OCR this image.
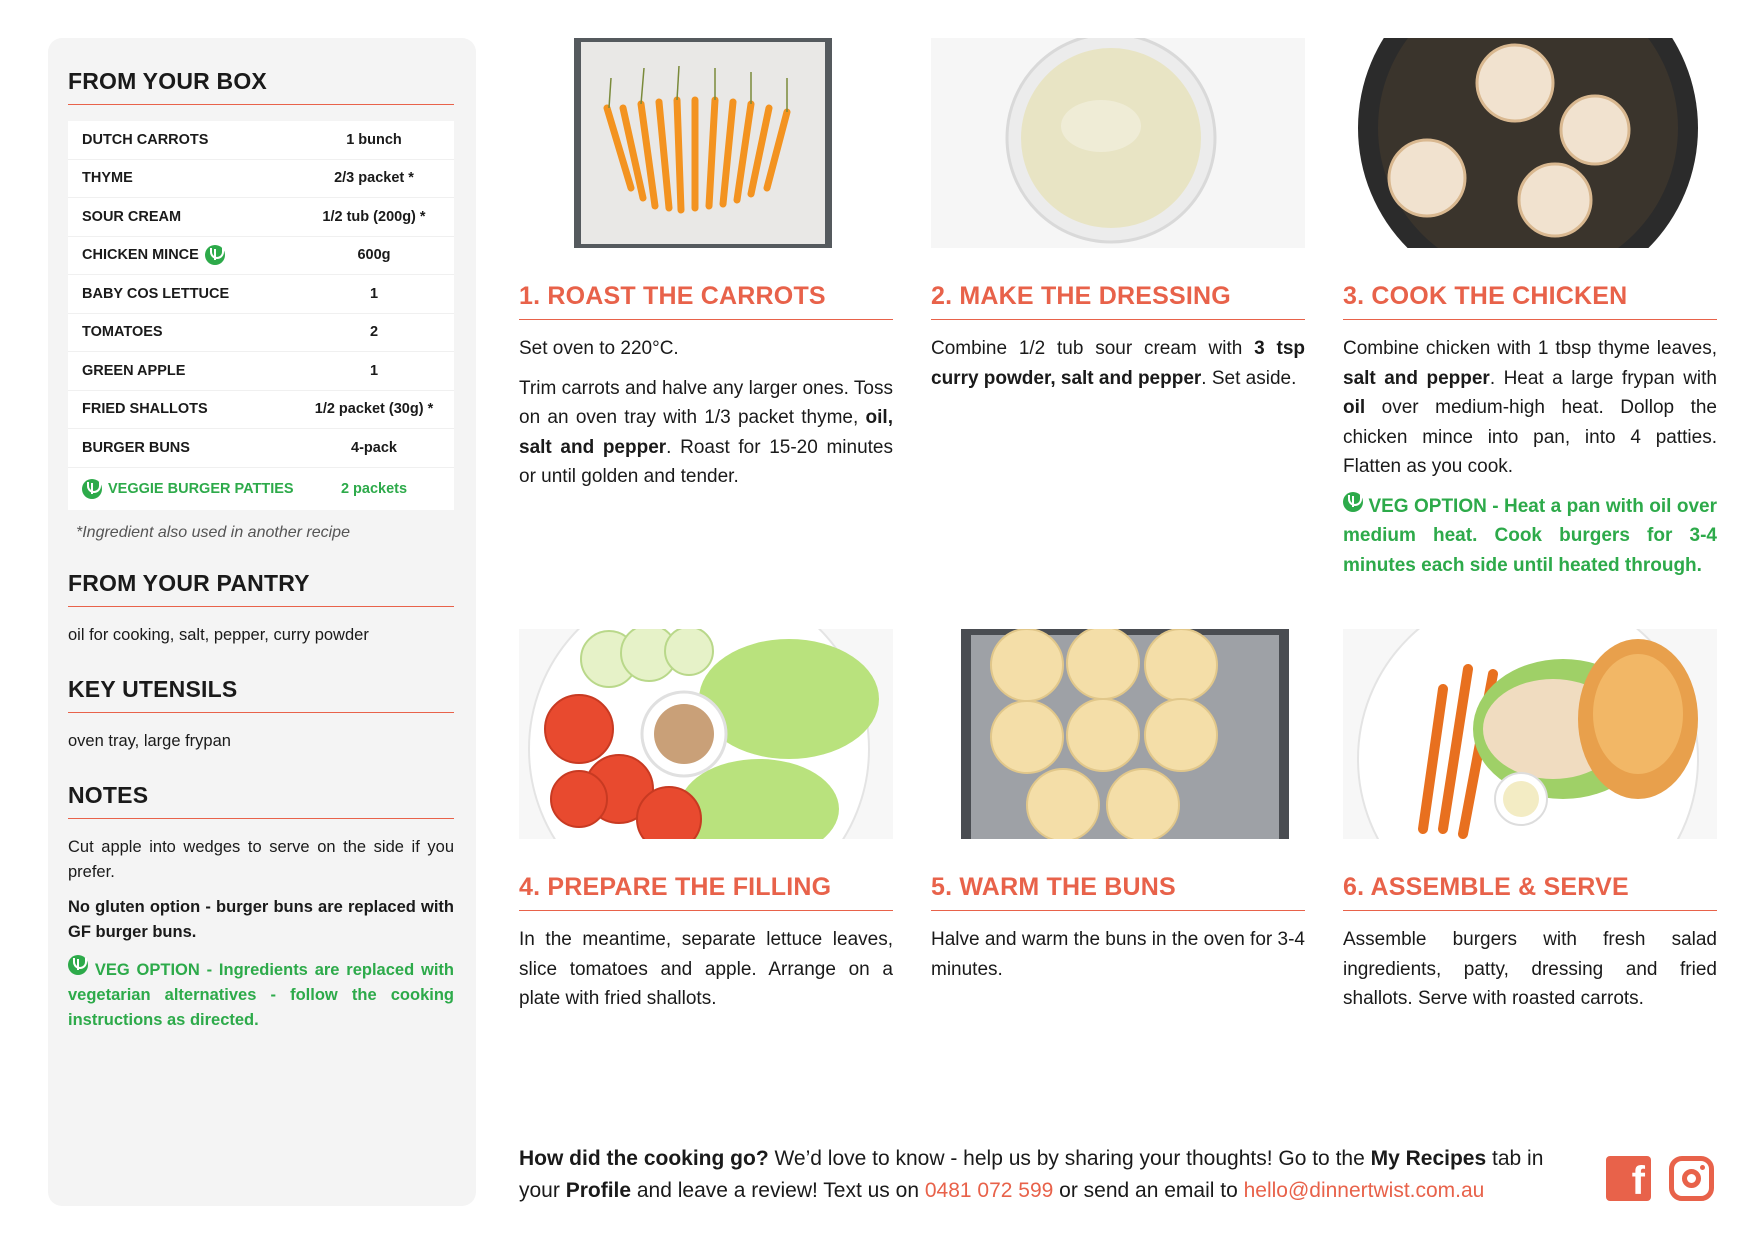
FROM YOUR BOX
DUTCH CARROTS	1 bunch
THYME	2/3 packet *
SOUR CREAM	1/2 tub (200g) *
CHICKEN MINCE	600g
BABY COS LETTUCE	1
TOMATOES	2
GREEN APPLE	1
FRIED SHALLOTS	1/2 packet (30g) *
BURGER BUNS	4-pack
VEGGIE BURGER PATTIES	2 packets
*Ingredient also used in another recipe
FROM YOUR PANTRY
oil for cooking, salt, pepper, curry powder
KEY UTENSILS
oven tray, large frypan
NOTES
Cut apple into wedges to serve on the side if you prefer.
No gluten option - burger buns are replaced with GF burger buns.
VEG OPTION - Ingredients are replaced with vegetarian alternatives - follow the cooking instructions as directed.
1. ROAST THE CARROTS

Set oven to 220°C.

Trim carrots and halve any larger ones. Toss on an oven tray with 1/3 packet thyme, oil, salt and pepper. Roast for 15-20 minutes or until golden and tender.

2. MAKE THE DRESSING

Combine 1/2 tub sour cream with 3 tsp curry powder, salt and pepper. Set aside.

3. COOK THE CHICKEN

Combine chicken with 1 tbsp thyme leaves, salt and pepper. Heat a large frypan with oil over medium-high heat. Dollop the chicken mince into pan, into 4 patties. Flatten as you cook.

VEG OPTION - Heat a pan with oil over medium heat. Cook burgers for 3-4 minutes each side until heated through.

4. PREPARE THE FILLING

In the meantime, separate lettuce leaves, slice tomatoes and apple. Arrange on a plate with fried shallots.

5. WARM THE BUNS

Halve and warm the buns in the oven for 3-4 minutes.

6. ASSEMBLE & SERVE

Assemble burgers with fresh salad ingredients, patty, dressing and fried shallots. Serve with roasted carrots.

How did the cooking go? We’d love to know - help us by sharing your thoughts! Go to the My Recipes tab in your Profile and leave a review! Text us on 0481 072 599 or send an email to hello@dinnertwist.com.au	f
